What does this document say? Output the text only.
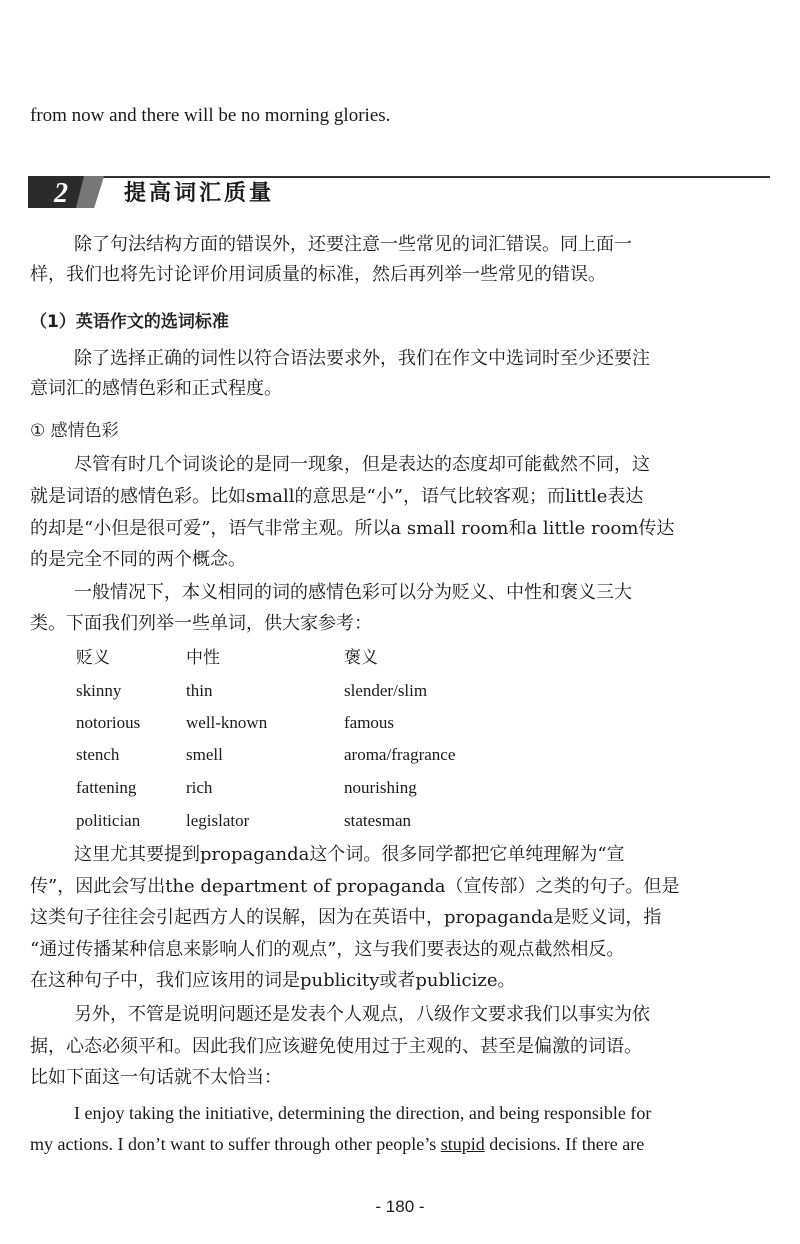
from now and there will be no morning glories.
2	提高词汇质量
除了句法结构方面的错误外，还要注意一些常见的词汇错误。同上面一
样，我们也将先讨论评价用词质量的标准，然后再列举一些常见的错误。
（1）英语作文的选词标准
除了选择正确的词性以符合语法要求外，我们在作文中选词时至少还要注
意词汇的感情色彩和正式程度。
① 感情色彩
尽管有时几个词谈论的是同一现象，但是表达的态度却可能截然不同，这
就是词语的感情色彩。比如small的意思是“小”，语气比较客观；而little表达
的却是“小但是很可爱”，语气非常主观。所以a small room和a little room传达
的是完全不同的两个概念。
一般情况下，本义相同的词的感情色彩可以分为贬义、中性和褒义三大
类。下面我们列举一些单词，供大家参考：
贬义	中性	褒义
skinny	thin	slender/slim
notorious	well-known	famous
stench	smell	aroma/fragrance
fattening	rich	nourishing
politician	legislator	statesman
这里尤其要提到propaganda这个词。很多同学都把它单纯理解为“宣
传”，因此会写出the department of propaganda（宣传部）之类的句子。但是
这类句子往往会引起西方人的误解，因为在英语中，propaganda是贬义词，指
“通过传播某种信息来影响人们的观点”，这与我们要表达的观点截然相反。
在这种句子中，我们应该用的词是publicity或者publicize。
另外，不管是说明问题还是发表个人观点，八级作文要求我们以事实为依
据，心态必须平和。因此我们应该避免使用过于主观的、甚至是偏激的词语。
比如下面这一句话就不太恰当：
I enjoy taking the initiative, determining the direction, and being responsible for
my actions. I don’t want to suffer through other people’s stupid decisions. If there are
- 180 -
